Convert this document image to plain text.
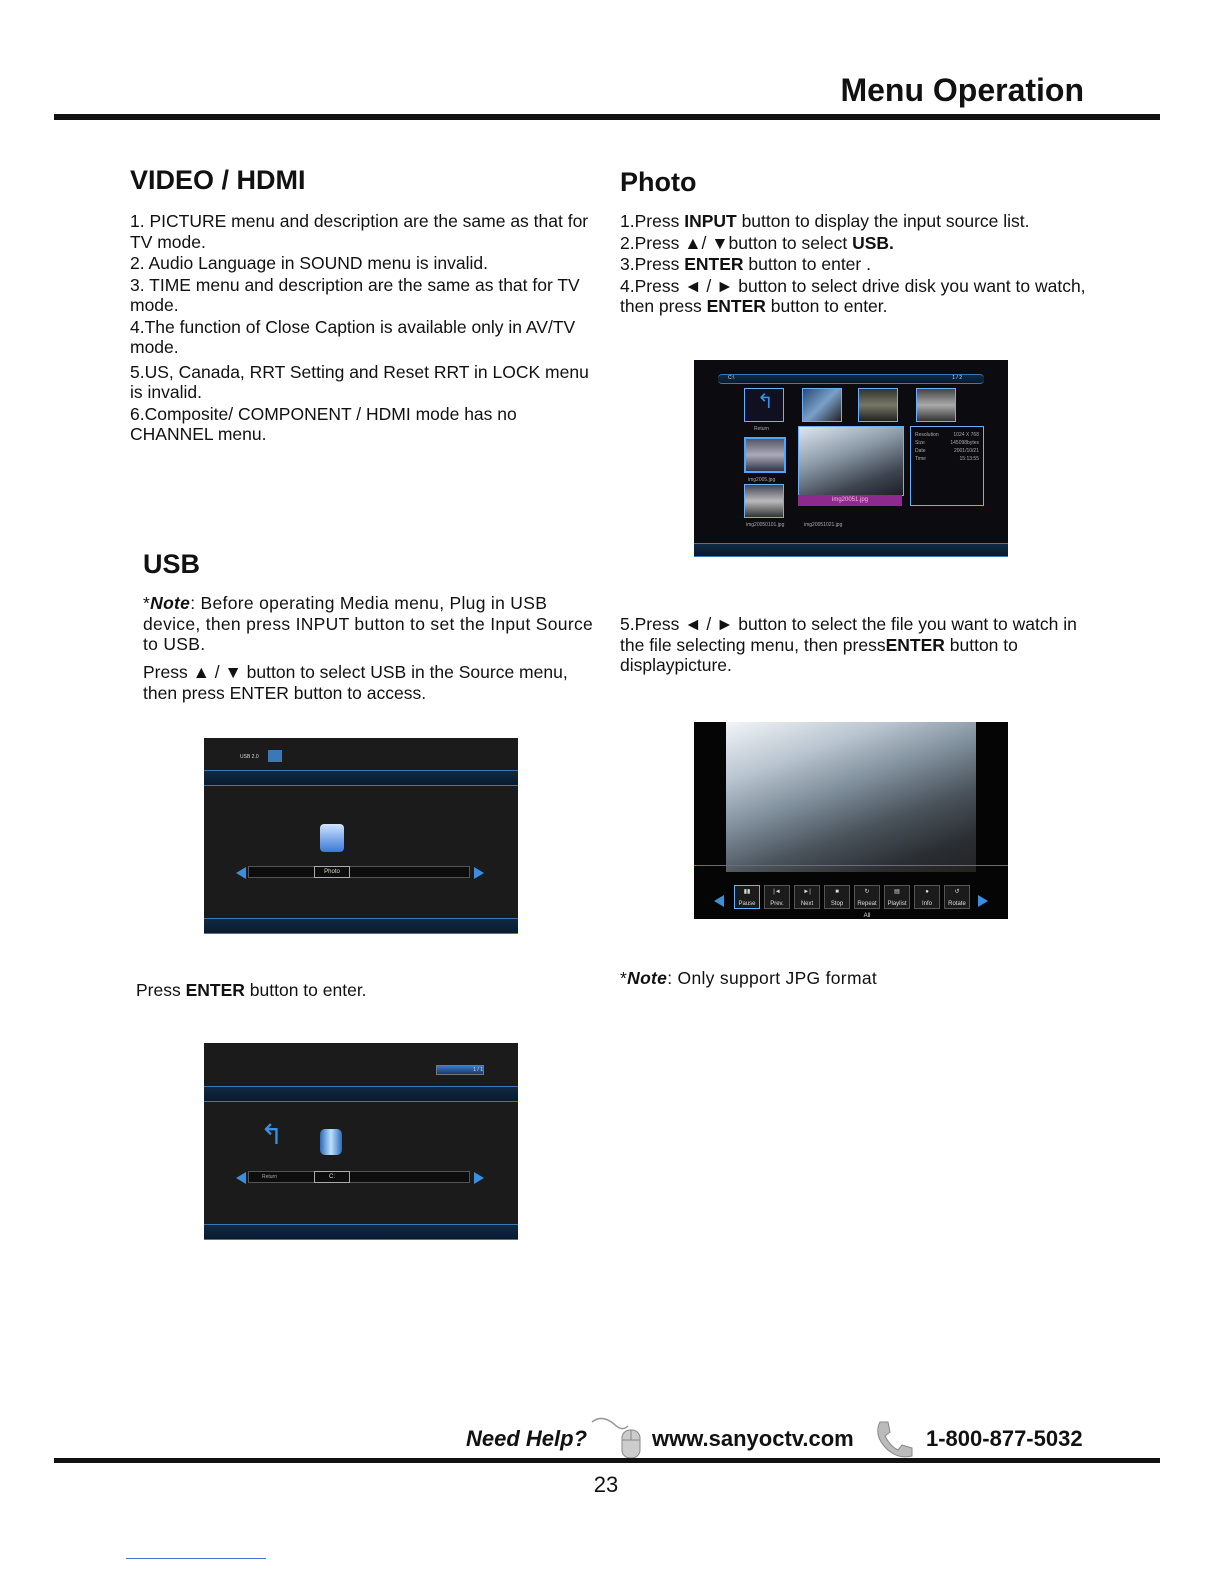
Menu Operation
VIDEO / HDMI

1. PICTURE menu and description are the same as that for TV mode.

2. Audio Language in SOUND menu is invalid.

3. TIME menu and description are the same as that for TV mode.

4.The function of Close Caption is available only in AV/TV mode.

5.US, Canada, RRT Setting and Reset RRT in LOCK menu is invalid.

6.Composite/ COMPONENT / HDMI mode has no CHANNEL menu.

Photo

1.Press INPUT button to display the input source list.

2.Press ▲/ ▼button to select USB.

3.Press ENTER button to enter .

4.Press ◄ / ► button to select drive disk you want to watch, then press ENTER button to enter.

C:\	1 / 2
↰
Return
img2005.jpg
img20050101.jpg	img20051021.jpg
img20051.jpg
Resolution	1024 X 768
Size	145098bytes
Date	2001/10/21
Time	15:13:55
USB
*Note: Before operating Media menu, Plug in USB device, then press INPUT button to set the Input Source to USB.
Press ▲ / ▼ button to select USB in the Source menu, then press ENTER button to access.
USB 2.0
Photo
Press ENTER button to enter.
1 / 1
↰
Return	C:
5.Press ◄ / ► button to select the file you want to watch in the file selecting menu, then pressENTER button to displaypicture.
▮▮
Pause
|◄
Prev.
►|
Next
■
Stop
↻
Repeat All
▤
Playlist
●
Info
↺
Rotate
*Note: Only support JPG format
Need Help?	www.sanyoctv.com	1-800-877-5032
23
